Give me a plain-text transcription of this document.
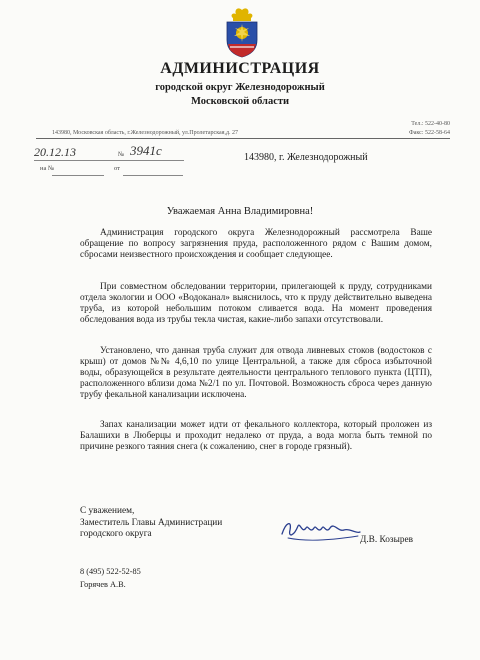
АДМИНИСТРАЦИЯ
городской округ Железнодорожный
Московской области
Тел.: 522-40-80
Факс: 522-58-64
143980, Московская область, г.Железнодорожный, ул.Пролетарская,д. 27
20.12.13	№ 3941с
на №	от
143980, г. Железнодорожный
Уважаемая Анна Владимировна!

Администрация городского округа Железнодорожный рассмотрела Ваше обращение по вопросу загрязнения пруда, расположенного рядом с Вашим домом, сбросами неизвестного происхождения и сообщает следующее.

При совместном обследовании территории, прилегающей к пруду, сотрудниками отдела экологии и ООО «Водоканал» выяснилось, что к пруду действительно выведена труба, из которой небольшим потоком сливается вода. На момент проведения обследования вода из трубы текла чистая, какие-либо запахи отсутствовали.

Установлено, что данная труба служит для отвода ливневых стоков (водостоков с крыш) от домов №№ 4,6,10 по улице Центральной, а также для сброса избыточной воды, образующейся в результате деятельности центрального теплового пункта (ЦТП), расположенного вблизи дома №2/1 по ул. Почтовой. Возможность сброса через данную трубу фекальной канализации исключена.

Запах канализации может идти от фекального коллектора, который проложен из Балашихи в Люберцы и проходит недалеко от пруда, а вода могла быть темной по причине резкого таяния снега (к сожалению, снег в городе грязный).

С уважением,
Заместитель Главы Администрации
городского округа
Д.В. Козырев
8 (495) 522-52-85
Горячев А.В.
